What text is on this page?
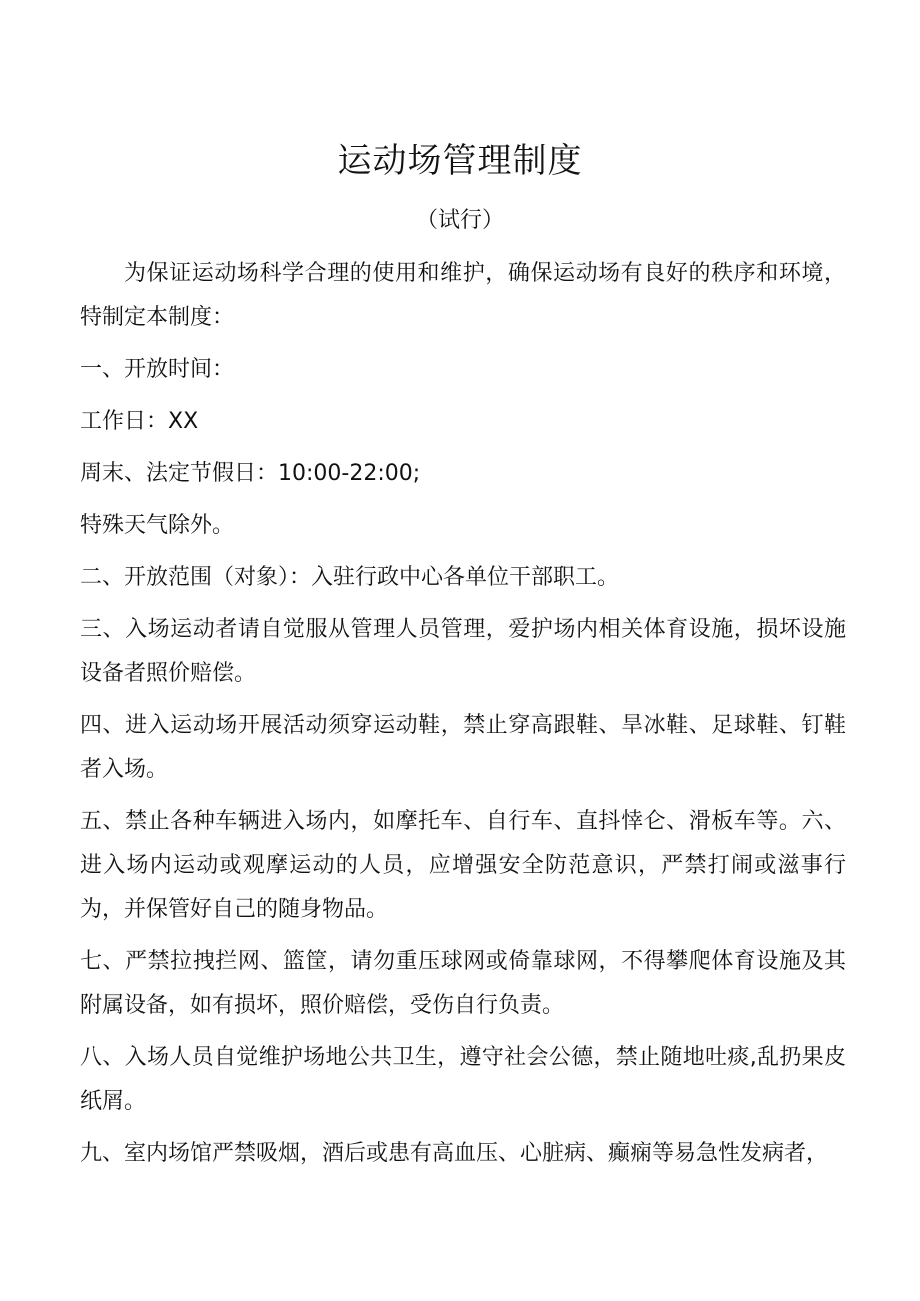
运动场管理制度
（试行）

为保证运动场科学合理的使用和维护，确保运动场有良好的秩序和环境，特制定本制度：

一、开放时间：

工作日：XX

周末、法定节假日：10:00-22:00;

特殊天气除外。

二、开放范围（对象）：入驻行政中心各单位干部职工。

三、入场运动者请自觉服从管理人员管理，爱护场内相关体育设施，损坏设施设备者照价赔偿。

四、进入运动场开展活动须穿运动鞋，禁止穿高跟鞋、旱冰鞋、足球鞋、钉鞋者入场。

五、禁止各种车辆进入场内，如摩托车、自行车、直抖悻仑、滑板车等。六、进入场内运动或观摩运动的人员，应增强安全防范意识，严禁打闹或滋事行为，并保管好自己的随身物品。

七、严禁拉拽拦网、篮筐，请勿重压球网或倚靠球网，不得攀爬体育设施及其附属设备，如有损坏，照价赔偿，受伤自行负责。

八、入场人员自觉维护场地公共卫生，遵守社会公德，禁止随地吐痰,乱扔果皮纸屑。

九、室内场馆严禁吸烟，酒后或患有高血压、心脏病、癫痫等易急性发病者，
